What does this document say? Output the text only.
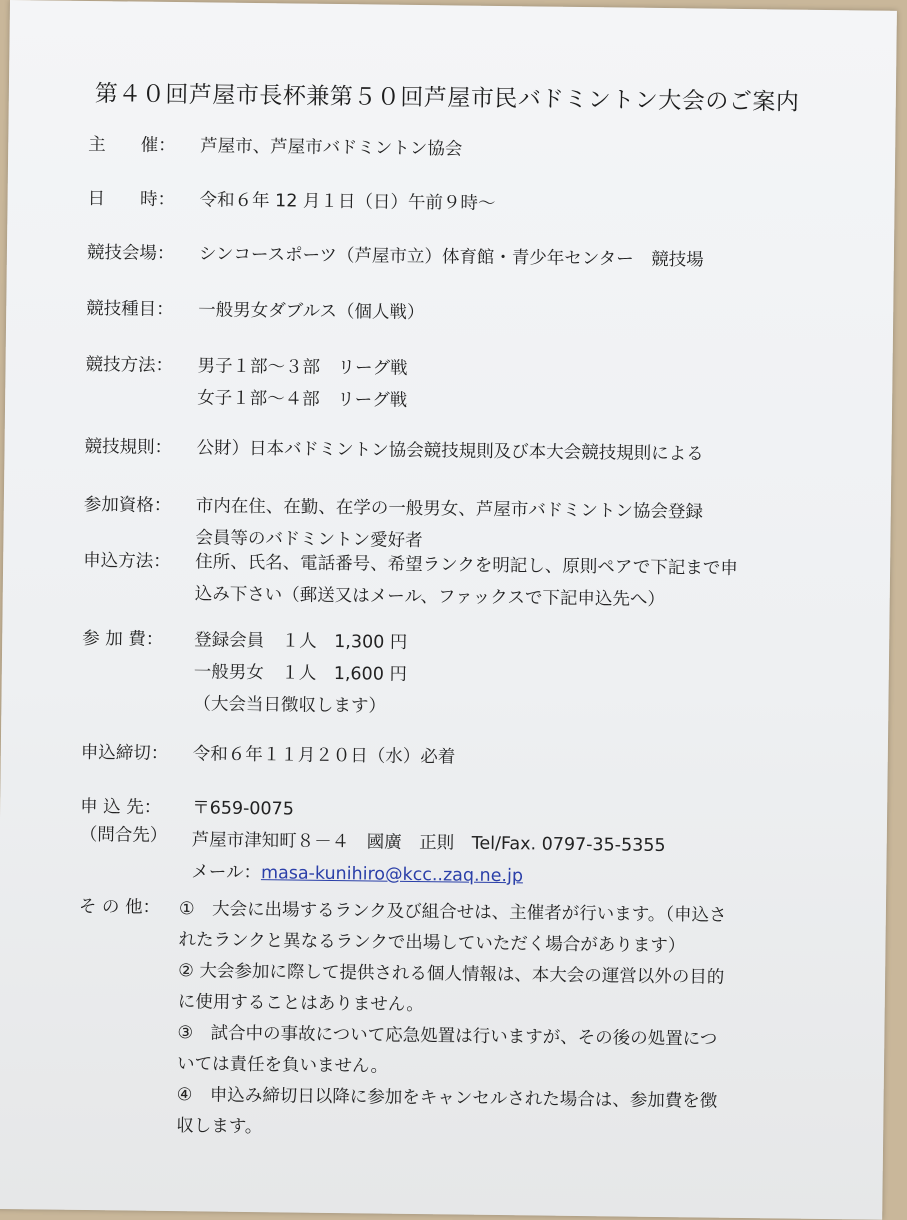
第４０回芦屋市長杯兼第５０回芦屋市民バドミントン大会のご案内
主　　催：	芦屋市、芦屋市バドミントン協会
日　　時：	令和６年 12 月１日（日）午前９時～
競技会場：	シンコースポーツ（芦屋市立）体育館・青少年センター　競技場
競技種目：	一般男女ダブルス（個人戦）
競技方法：	男子１部～３部　リーグ戦
女子１部～４部　リーグ戦
競技規則：	公財）日本バドミントン協会競技規則及び本大会競技規則による
参加資格：	市内在住、在勤、在学の一般男女、芦屋市バドミントン協会登録
会員等のバドミントン愛好者
申込方法：	住所、氏名、電話番号、希望ランクを明記し、原則ペアで下記まで申
込み下さい（郵送又はメール、ファックスで下記申込先へ）
参 加 費：	登録会員　１人　1,300 円
一般男女　１人　1,600 円
（大会当日徴収します）
申込締切：	令和６年１１月２０日（水）必着
申 込 先：
（問合先）
〒659-0075
芦屋市津知町８－４　國廣　正則　Tel/Fax. 0797-35-5355
メール：masa-kunihiro@kcc..zaq.ne.jp
そ の 他：	①　大会に出場するランク及び組合せは、主催者が行います。（申込さ
れたランクと異なるランクで出場していただく場合があります）
② 大会参加に際して提供される個人情報は、本大会の運営以外の目的
に使用することはありません。
③　試合中の事故について応急処置は行いますが、その後の処置につ
いては責任を負いません。
④　申込み締切日以降に参加をキャンセルされた場合は、参加費を徴
収します。
